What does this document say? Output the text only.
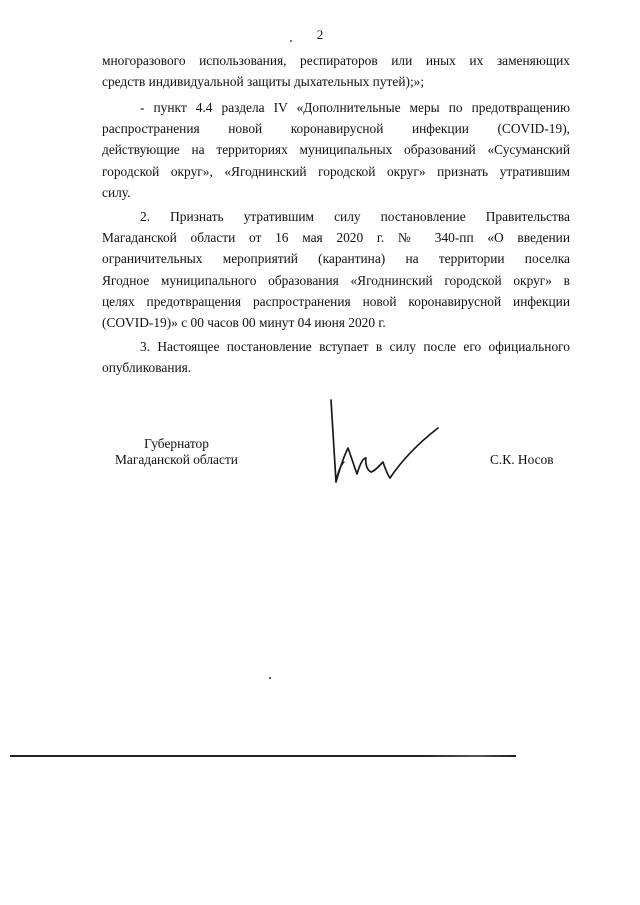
2

многоразового использования, респираторов или иных их заменяющих
средств индивидуальной защиты дыхательных путей);»;

- пункт 4.4 раздела IV «Дополнительные меры по предотвращению
распространения новой коронавирусной инфекции (COVID-19),
действующие на территориях муниципальных образований «Сусуманский
городской округ», «Ягоднинский городской округ» признать утратившим
силу.

2. Признать утратившим силу постановление Правительства
Магаданской области от 16 мая 2020 г. № 340-пп «О введении
ограничительных мероприятий (карантина) на территории поселка
Ягодное муниципального образования «Ягоднинский городской округ» в
целях предотвращения распространения новой коронавирусной инфекции
(COVID-19)» с 00 часов 00 минут 04 июня 2020 г.

3. Настоящее постановление вступает в силу после его официального
опубликования.

Губернатор
Магаданской области	С.К. Носов
